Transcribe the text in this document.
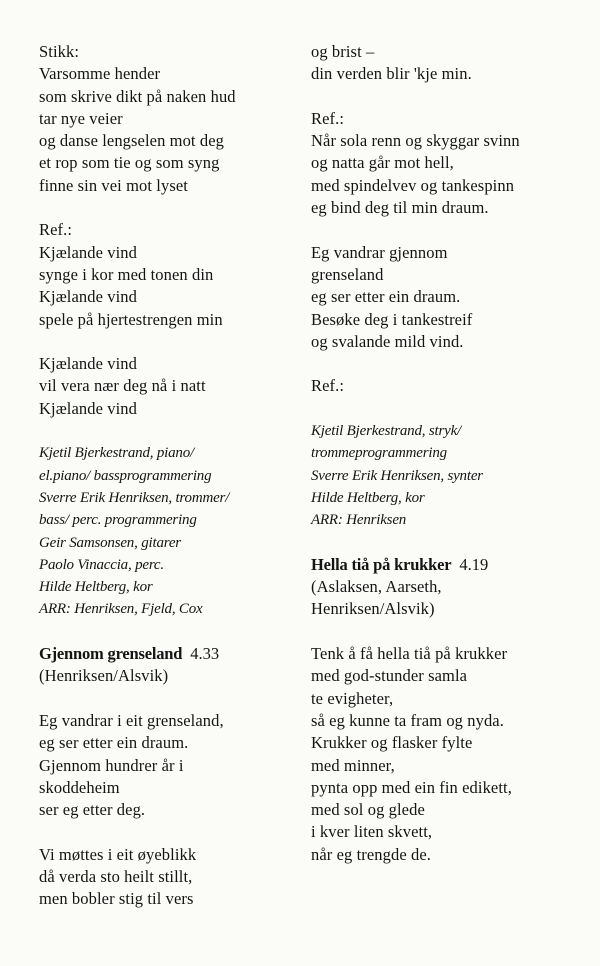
Stikk:
Varsomme hender
som skrive dikt på naken hud
tar nye veier
og danse lengselen mot deg
et rop som tie og som syng
finne sin vei mot lyset
Ref.:
Kjælande vind
synge i kor med tonen din
Kjælande vind
spele på hjertestrengen min
Kjælande vind
vil vera nær deg nå i natt
Kjælande vind
Kjetil Bjerkestrand, piano/
el.piano/ bassprogrammering
Sverre Erik Henriksen, trommer/
bass/ perc. programmering
Geir Samsonsen, gitarer
Paolo Vinaccia, perc.
Hilde Heltberg, kor
ARR: Henriksen, Fjeld, Cox
Gjennom grenseland 4.33
(Henriksen/Alsvik)
Eg vandrar i eit grenseland,
eg ser etter ein draum.
Gjennom hundrer år i
skoddeheim
ser eg etter deg.
Vi møttes i eit øyeblikk
då verda sto heilt stillt,
men bobler stig til vers
og brist –
din verden blir 'kje min.
Ref.:
Når sola renn og skyggar svinn
og natta går mot hell,
med spindelvev og tankespinn
eg bind deg til min draum.
Eg vandrar gjennom
grenseland
eg ser etter ein draum.
Besøke deg i tankestreif
og svalande mild vind.
Ref.:
Kjetil Bjerkestrand, stryk/
trommeprogrammering
Sverre Erik Henriksen, synter
Hilde Heltberg, kor
ARR: Henriksen
Hella tiå på krukker 4.19
(Aslaksen, Aarseth,
Henriksen/Alsvik)
Tenk å få hella tiå på krukker
med god-stunder samla
te evigheter,
så eg kunne ta fram og nyda.
Krukker og flasker fylte
med minner,
pynta opp med ein fin edikett,
med sol og glede
i kver liten skvett,
når eg trengde de.
